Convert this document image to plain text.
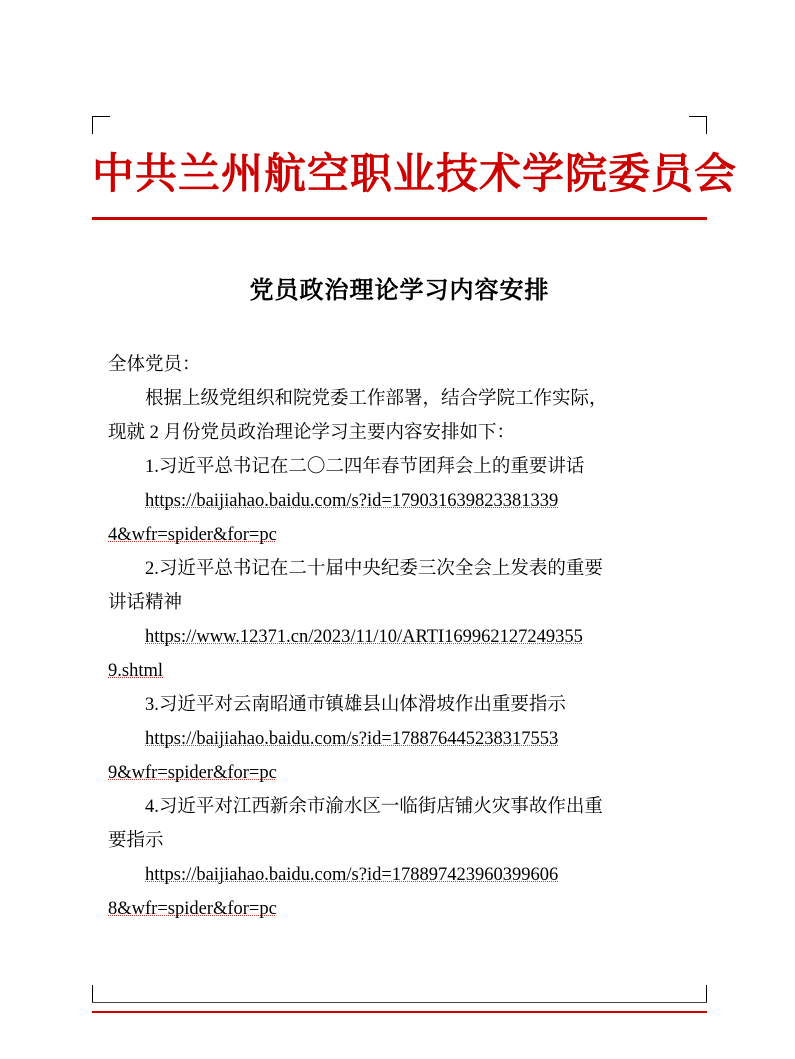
中共兰州航空职业技术学院委员会
党员政治理论学习内容安排

全体党员：

根据上级党组织和院党委工作部署，结合学院工作实际，

现就 2 月份党员政治理论学习主要内容安排如下：

1.习近平总书记在二〇二四年春节团拜会上的重要讲话

https://baijiahao.baidu.com/s?id=179031639823381339

4&wfr=spider&for=pc

2.习近平总书记在二十届中央纪委三次全会上发表的重要

讲话精神

https://www.12371.cn/2023/11/10/ARTI169962127249355

9.shtml

3.习近平对云南昭通市镇雄县山体滑坡作出重要指示

https://baijiahao.baidu.com/s?id=178876445238317553

9&wfr=spider&for=pc

4.习近平对江西新余市渝水区一临街店铺火灾事故作出重

要指示

https://baijiahao.baidu.com/s?id=178897423960399606

8&wfr=spider&for=pc
